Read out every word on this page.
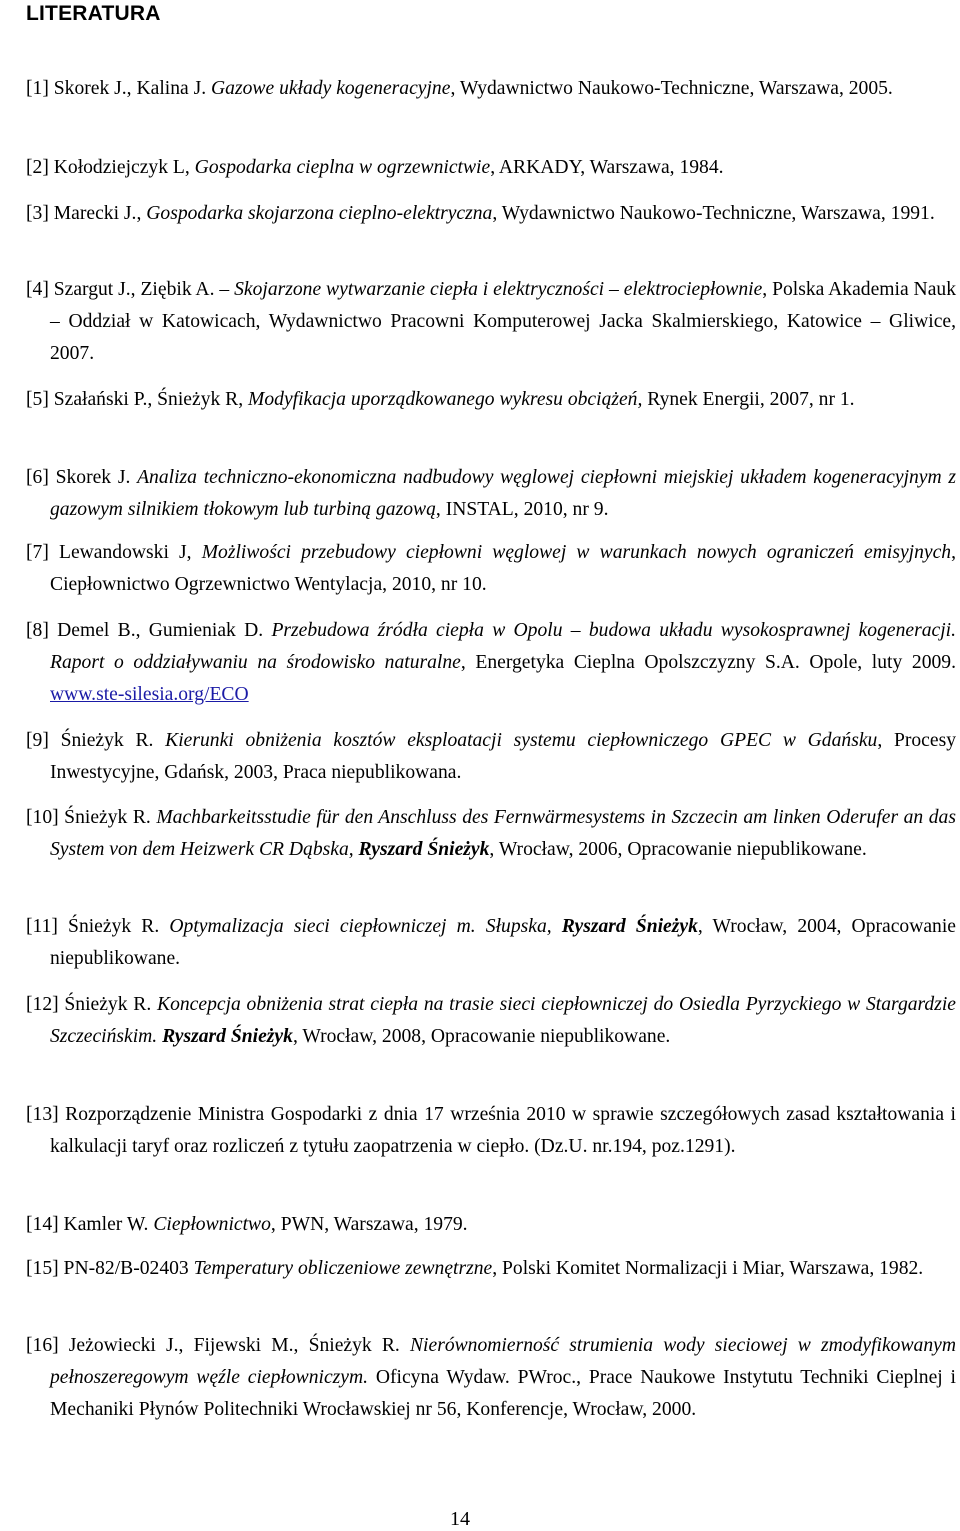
LITERATURA
[1] Skorek J., Kalina J. Gazowe układy kogeneracyjne, Wydawnictwo Naukowo-Techniczne, Warszawa, 2005.
[2] Kołodziejczyk L, Gospodarka cieplna w ogrzewnictwie, ARKADY, Warszawa, 1984.
[3] Marecki J., Gospodarka skojarzona cieplno-elektryczna, Wydawnictwo Naukowo-Techniczne, Warszawa, 1991.
[4] Szargut J., Ziębik A. – Skojarzone wytwarzanie ciepła i elektryczności – elektrociepłownie, Polska Akademia Nauk – Oddział w Katowicach, Wydawnictwo Pracowni Komputerowej Jacka Skalmierskiego, Katowice – Gliwice, 2007.
[5] Szałański P., Śnieżyk R, Modyfikacja uporządkowanego wykresu obciążeń, Rynek Energii, 2007, nr 1.
[6] Skorek J. Analiza techniczno-ekonomiczna nadbudowy węglowej ciepłowni miejskiej układem kogeneracyjnym z gazowym silnikiem tłokowym lub turbiną gazową, INSTAL, 2010, nr 9.
[7] Lewandowski J, Możliwości przebudowy ciepłowni węglowej w warunkach nowych ograniczeń emisyjnych, Ciepłownictwo Ogrzewnictwo Wentylacja, 2010, nr 10.
[8] Demel B., Gumieniak D. Przebudowa źródła ciepła w Opolu – budowa układu wysokosprawnej kogeneracji. Raport o oddziaływaniu na środowisko naturalne, Energetyka Cieplna Opolszczyzny S.A. Opole, luty 2009. www.ste-silesia.org/ECO
[9] Śnieżyk R. Kierunki obniżenia kosztów eksploatacji systemu ciepłowniczego GPEC w Gdańsku, Procesy Inwestycyjne, Gdańsk, 2003, Praca niepublikowana.
[10] Śnieżyk R. Machbarkeitsstudie für den Anschluss des Fernwärmesystems in Szczecin am linken Oderufer an das System von dem Heizwerk CR Dąbska, Ryszard Śnieżyk, Wrocław, 2006, Opracowanie niepublikowane.
[11] Śnieżyk R. Optymalizacja sieci ciepłowniczej m. Słupska, Ryszard Śnieżyk, Wrocław, 2004, Opracowanie niepublikowane.
[12] Śnieżyk R. Koncepcja obniżenia strat ciepła na trasie sieci ciepłowniczej do Osiedla Pyrzyckiego w Stargardzie Szczecińskim. Ryszard Śnieżyk, Wrocław, 2008, Opracowanie niepublikowane.
[13] Rozporządzenie Ministra Gospodarki z dnia 17 września 2010 w sprawie szczegółowych zasad kształtowania i kalkulacji taryf oraz rozliczeń z tytułu zaopatrzenia w ciepło. (Dz.U. nr.194, poz.1291).
[14] Kamler W. Ciepłownictwo, PWN, Warszawa, 1979.
[15] PN-82/B-02403 Temperatury obliczeniowe zewnętrzne, Polski Komitet Normalizacji i Miar, Warszawa, 1982.
[16] Jeżowiecki J., Fijewski M., Śnieżyk R. Nierównomierność strumienia wody sieciowej w zmodyfikowanym pełnoszeregowym węźle ciepłowniczym. Oficyna Wydaw. PWroc., Prace Naukowe Instytutu Techniki Cieplnej i Mechaniki Płynów Politechniki Wrocławskiej nr 56, Konferencje, Wrocław, 2000.
14
